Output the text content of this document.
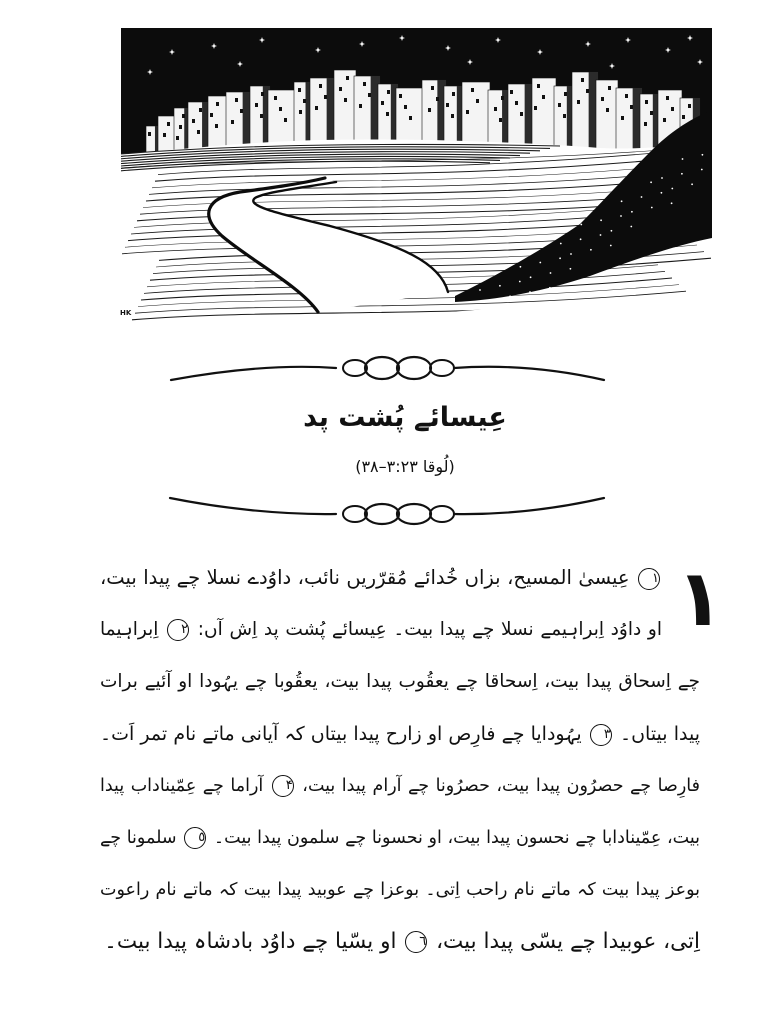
HK
عِیسائے پُشت پد
(لُوقا ٣:٢٣–٣٨)
١
١ عِیسیٰ المسیح، بزاں خُدائے مُقرّریں نائب، داوُدے نسلا چے پیدا بیت،
او داوُد اِبراہیمے نسلا چے پیدا بیت۔ عِیسائے پُشت پد اِش آں: ٢ اِبراہیما
چے اِسحاق پیدا بیت، اِسحاقا چے یعقُوب پیدا بیت، یعقُوبا چے یہُودا او آئیے برات
پیدا بیتاں۔ ٣ یہُودایا چے فارِص او زارح پیدا بیتاں کہ آیانی ماتے نام تمر اَت۔
فارِصا چے حصرُون پیدا بیت، حصرُونا چے آرام پیدا بیت، ۴ آراما چے عِمّیناداب پیدا
بیت، عِمّینادابا چے نحسون پیدا بیت، او نحسونا چے سلمون پیدا بیت۔ ٥ سلمونا چے
بوعز پیدا بیت کہ ماتے نام راحب اِتی۔ بوعزا چے عوبید پیدا بیت کہ ماتے نام راعوت
اِتی، عوبیدا چے یسّی پیدا بیت، ٦ او یسّیا چے داوُد بادشاہ پیدا بیت۔
